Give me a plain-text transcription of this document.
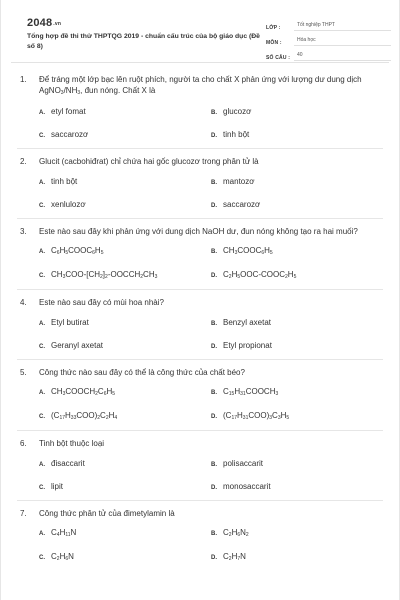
2048.vn
Tổng hợp đề thi thử THPTQG 2019 - chuẩn cấu trúc của bộ giáo dục (Đề số 8)
LỚP :	Tốt nghiệp THPT
MÔN :	Hóa học
SỐ CÂU :	40
1.	Để tráng một lớp bạc lên ruột phích, người ta cho chất X phản ứng với lượng dư dung dịch $AgNO_3/NH_3$, đun nóng. Chất X là
A. etyl fomat	B. glucozơ
C. saccarozơ	D. tinh bột
2.	Glucit (cacbohiđrat) chỉ chứa hai gốc glucozơ trong phân tử là
A. tinh bột	B. mantozơ
C. xenlulozơ	D. saccarozơ
3.	Este nào sau đây khi phản ứng với dung dịch NaOH dư, đun nóng không tạo ra hai muối?
A. $C_6H_5COOC_6H_5$	B. $CH_3COOC_6H_5$
C. $CH_3COO-[CH_2]_2-OOCCH_2CH_3$	D. $C_2H_5OOC-COOC_2H_5$
4.	Este nào sau đây có mùi hoa nhài?
A. Etyl butirat	B. Benzyl axetat
C. Geranyl axetat	D. Etyl propionat
5.	Công thức nào sau đây có thể là công thức của chất béo?
A. $CH_3COOCH_2C_6H_5$	B. $C_{15}H_{31}COOCH_3$
C. $(C_{17}H_{33}COO)_2C_2H_4$	D. $(C_{17}H_{31}COO)_3C_3H_5$
6.	Tinh bột thuộc loại
A. đisaccarit	B. polisaccarit
C. lipit	D. monosaccarit
7.	Công thức phân tử của đimetylamin là
A. $C_4H_{11}N$	B. $C_2H_6N_2$
C. $C_2H_6N$	D. $C_2H_7N$
